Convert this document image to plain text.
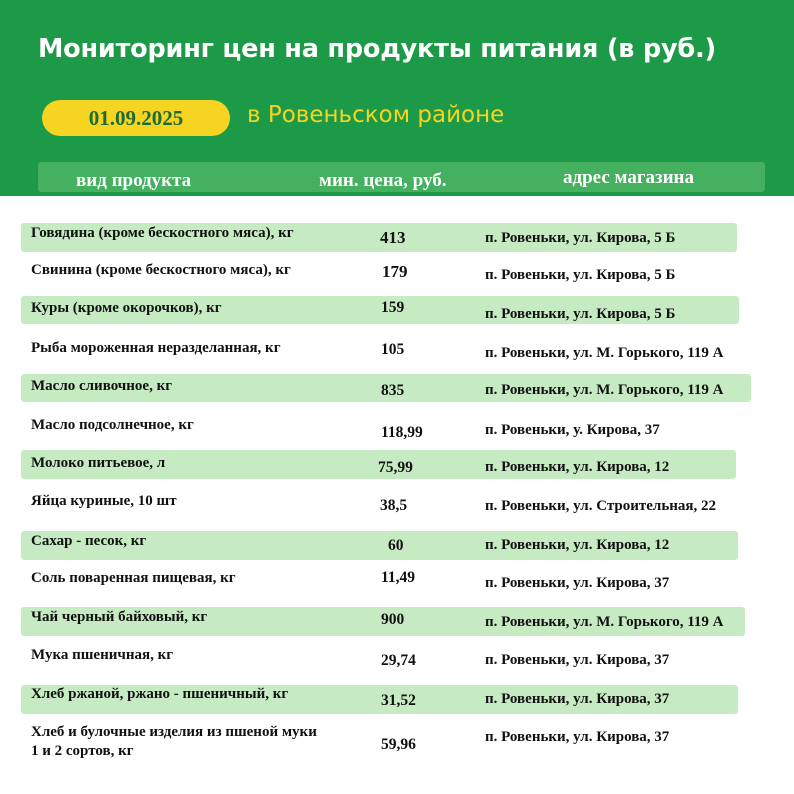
Мониторинг цен на продукты питания (в руб.)
01.09.2025	в Ровеньском районе
вид продукта	мин. цена, руб.	адрес магазина
Говядина (кроме бескостного мяса), кг	413	п. Ровеньки, ул. Кирова, 5 Б
Свинина (кроме бескостного мяса), кг	179	п. Ровеньки, ул. Кирова, 5 Б
Куры (кроме окорочков), кг	159	п. Ровеньки, ул. Кирова, 5 Б
Рыба мороженная неразделанная, кг	105	п. Ровеньки, ул. М. Горького, 119 А
Масло сливочное, кг	835	п. Ровеньки, ул. М. Горького, 119 А
Масло подсолнечное, кг	118,99	п. Ровеньки, у. Кирова, 37
Молоко питьевое, л	75,99	п. Ровеньки, ул. Кирова, 12
Яйца куриные, 10 шт	38,5	п. Ровеньки, ул. Строительная, 22
Сахар - песок, кг	60	п. Ровеньки, ул. Кирова, 12
Соль поваренная пищевая, кг	11,49	п. Ровеньки, ул. Кирова, 37
Чай черный байховый, кг	900	п. Ровеньки, ул. М. Горького, 119 А
Мука пшеничная, кг	29,74	п. Ровеньки, ул. Кирова, 37
Хлеб ржаной, ржано - пшеничный, кг	31,52	п. Ровеньки, ул. Кирова, 37
Хлеб и булочные изделия из пшеной муки
1 и 2 сортов, кг	59,96	п. Ровеньки, ул. Кирова, 37
